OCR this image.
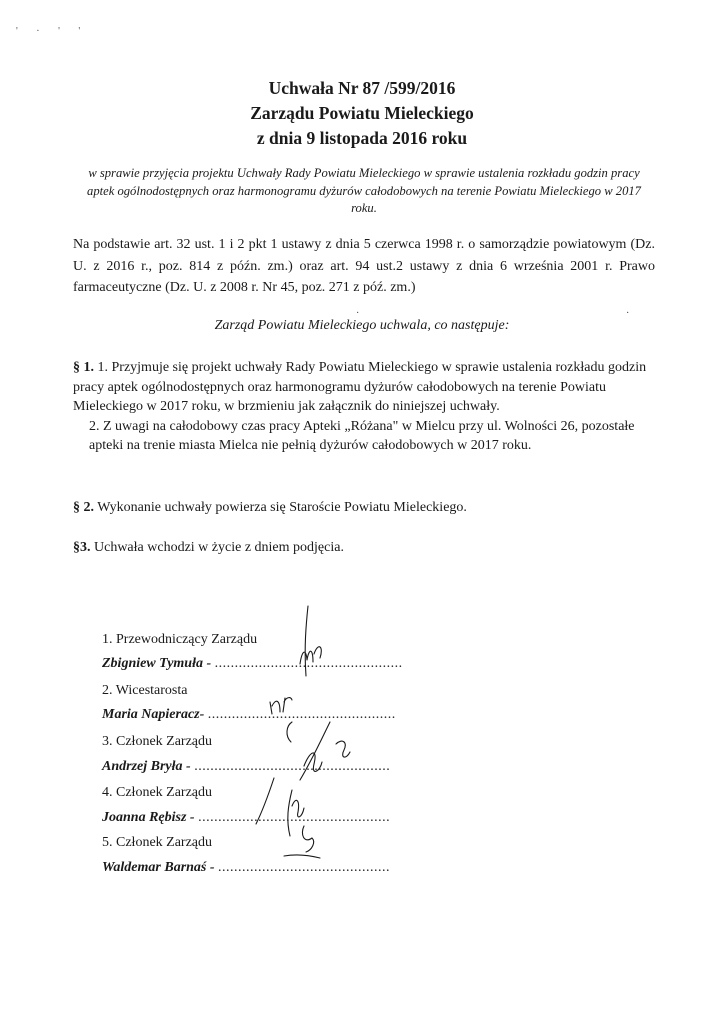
' · ' '
Uchwała Nr 87 /599/2016
Zarządu Powiatu Mieleckiego
z dnia 9 listopada 2016 roku
w sprawie przyjęcia projektu Uchwały Rady Powiatu Mieleckiego w sprawie ustalenia rozkładu godzin pracy aptek ogólnodostępnych oraz harmonogramu dyżurów całodobowych na terenie Powiatu Mieleckiego w 2017 roku.
Na podstawie art. 32 ust. 1 i 2 pkt 1 ustawy z dnia 5 czerwca 1998 r. o samorządzie powiatowym (Dz. U. z 2016 r., poz. 814 z późn. zm.) oraz art. 94 ust.2 ustawy z dnia 6 września 2001 r. Prawo farmaceutyczne (Dz. U. z 2008 r. Nr 45, poz. 271 z póź. zm.)
·	·
Zarząd Powiatu Mieleckiego uchwala, co następuje:
§ 1. 1. Przyjmuje się projekt uchwały Rady Powiatu Mieleckiego w sprawie ustalenia rozkładu godzin pracy aptek ogólnodostępnych oraz harmonogramu dyżurów całodobowych na terenie Powiatu Mieleckiego w 2017 roku, w brzmieniu jak załącznik do niniejszej uchwały.
2. Z uwagi na całodobowy czas pracy Apteki „Różana" w Mielcu przy ul. Wolności 26, pozostałe apteki na trenie miasta Mielca nie pełnią dyżurów całodobowych w 2017 roku.
§ 2. Wykonanie uchwały powierza się Staroście Powiatu Mieleckiego.
§3. Uchwała wchodzi w życie z dniem podjęcia.
1. Przewodniczący Zarządu
Zbigniew Tymuła - ...............................................
2. Wicestarosta
Maria Napieracz- ...............................................
3. Członek Zarządu
Andrzej Bryła - .................................................
4. Członek Zarządu
Joanna Rębisz - ................................................
5. Członek Zarządu
Waldemar Barnaś - ...........................................
